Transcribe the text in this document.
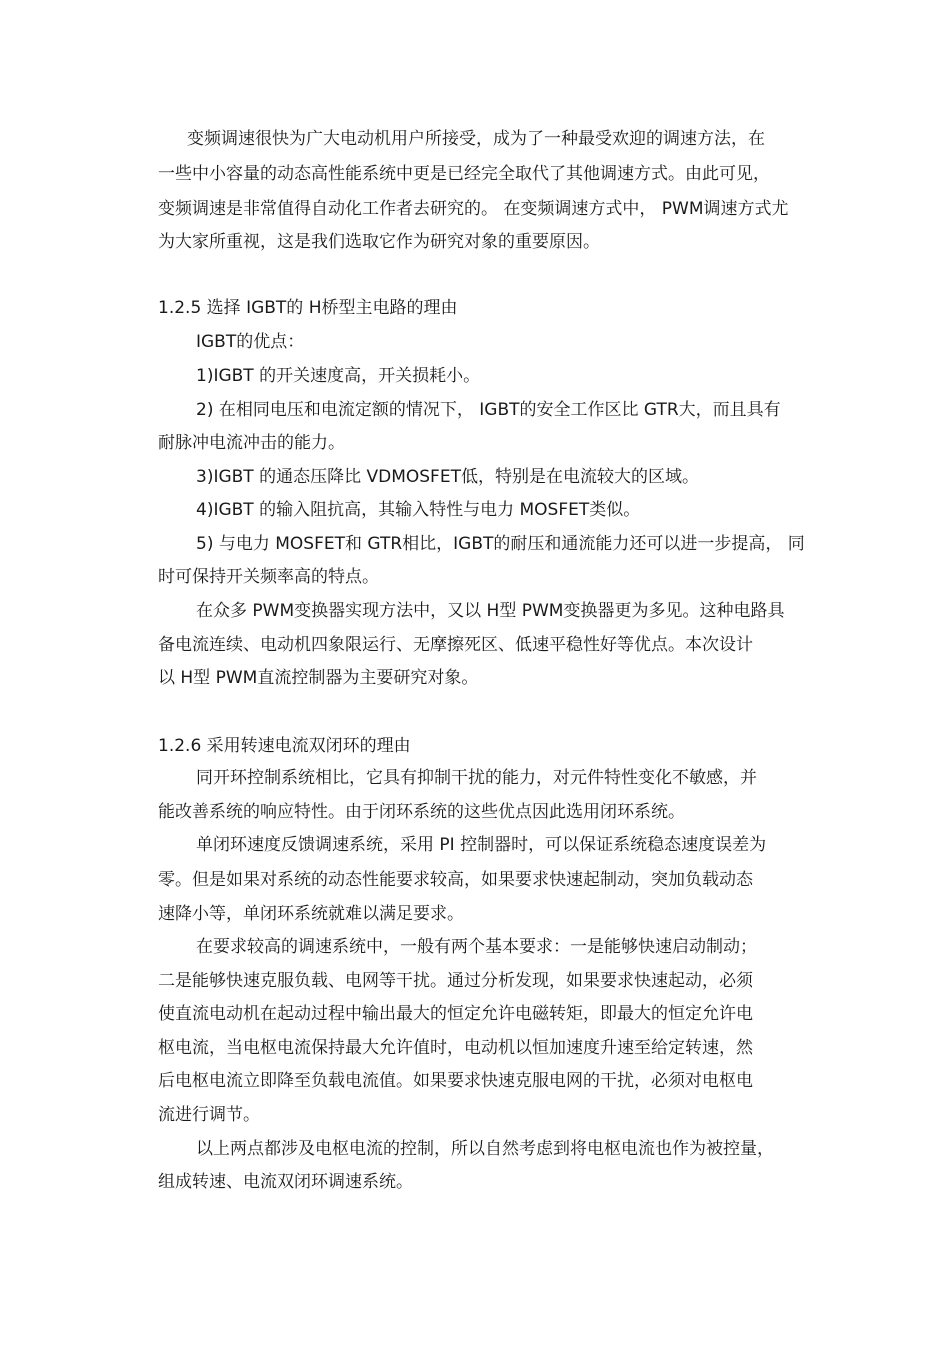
变频调速很快为广大电动机用户所接受，成为了一种最受欢迎的调速方法，在
一些中小容量的动态高性能系统中更是已经完全取代了其他调速方式。由此可见，
变频调速是非常值得自动化工作者去研究的。 在变频调速方式中， PWM调速方式尤
为大家所重视，这是我们选取它作为研究对象的重要原因。
1.2.5 选择 IGBT的 H桥型主电路的理由
IGBT的优点：
1)IGBT 的开关速度高，开关损耗小。
2) 在相同电压和电流定额的情况下， IGBT的安全工作区比 GTR大，而且具有
耐脉冲电流冲击的能力。
3)IGBT 的通态压降比 VDMOSFET低，特别是在电流较大的区域。
4)IGBT 的输入阻抗高，其输入特性与电力 MOSFET类似。
5) 与电力 MOSFET和 GTR相比，IGBT的耐压和通流能力还可以进一步提高， 同
时可保持开关频率高的特点。
在众多 PWM变换器实现方法中，又以 H型 PWM变换器更为多见。这种电路具
备电流连续、电动机四象限运行、无摩擦死区、低速平稳性好等优点。本次设计
以 H型 PWM直流控制器为主要研究对象。
1.2.6 采用转速电流双闭环的理由
同开环控制系统相比，它具有抑制干扰的能力，对元件特性变化不敏感，并
能改善系统的响应特性。由于闭环系统的这些优点因此选用闭环系统。
单闭环速度反馈调速系统，采用 PI 控制器时，可以保证系统稳态速度误差为
零。但是如果对系统的动态性能要求较高，如果要求快速起制动，突加负载动态
速降小等，单闭环系统就难以满足要求。
在要求较高的调速系统中，一般有两个基本要求：一是能够快速启动制动；
二是能够快速克服负载、电网等干扰。通过分析发现，如果要求快速起动，必须
使直流电动机在起动过程中输出最大的恒定允许电磁转矩，即最大的恒定允许电
枢电流，当电枢电流保持最大允许值时，电动机以恒加速度升速至给定转速，然
后电枢电流立即降至负载电流值。如果要求快速克服电网的干扰，必须对电枢电
流进行调节。
以上两点都涉及电枢电流的控制，所以自然考虑到将电枢电流也作为被控量，
组成转速、电流双闭环调速系统。
